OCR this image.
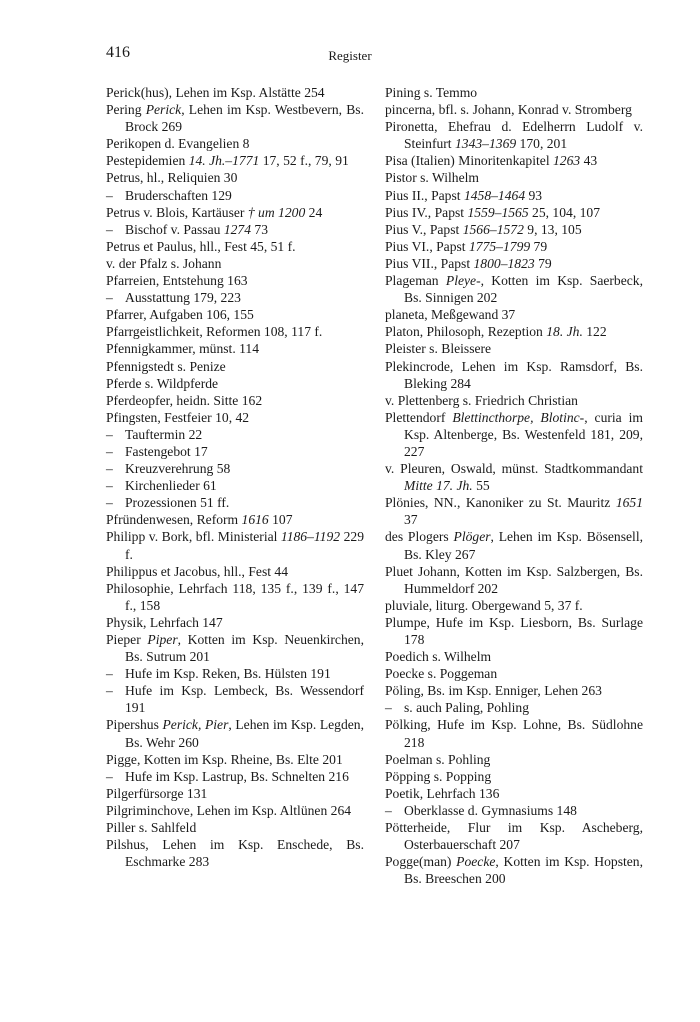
416	Register
Perick(hus), Lehen im Ksp. Alstätte 254
Pering Perick, Lehen im Ksp. Westbevern, Bs. Brock 269
Perikopen d. Evangelien 8
Pestepidemien 14. Jh.–1771 17, 52 f., 79, 91
Petrus, hl., Reliquien 30
– Bruderschaften 129
Petrus v. Blois, Kartäuser † um 1200 24
– Bischof v. Passau 1274 73
Petrus et Paulus, hll., Fest 45, 51 f.
v. der Pfalz s. Johann
Pfarreien, Entstehung 163
– Ausstattung 179, 223
Pfarrer, Aufgaben 106, 155
Pfarrgeistlichkeit, Reformen 108, 117 f.
Pfennigkammer, münst. 114
Pfennigstedt s. Penize
Pferde s. Wildpferde
Pferdeopfer, heidn. Sitte 162
Pfingsten, Festfeier 10, 42
– Tauftermin 22
– Fastengebot 17
– Kreuzverehrung 58
– Kirchenlieder 61
– Prozessionen 51 ff.
Pfründenwesen, Reform 1616 107
Philipp v. Bork, bfl. Ministerial 1186–1192 229 f.
Philippus et Jacobus, hll., Fest 44
Philosophie, Lehrfach 118, 135 f., 139 f., 147 f., 158
Physik, Lehrfach 147
Pieper Piper, Kotten im Ksp. Neuenkirchen, Bs. Sutrum 201
– Hufe im Ksp. Reken, Bs. Hülsten 191
– Hufe im Ksp. Lembeck, Bs. Wessendorf 191
Pipershus Perick, Pier, Lehen im Ksp. Legden, Bs. Wehr 260
Pigge, Kotten im Ksp. Rheine, Bs. Elte 201
– Hufe im Ksp. Lastrup, Bs. Schnelten 216
Pilgerfürsorge 131
Pilgriminchove, Lehen im Ksp. Altlünen 264
Piller s. Sahlfeld
Pilshus, Lehen im Ksp. Enschede, Bs. Eschmarke 283
Pining s. Temmo
pincerna, bfl. s. Johann, Konrad v. Stromberg
Pironetta, Ehefrau d. Edelherrn Ludolf v. Steinfurt 1343–1369 170, 201
Pisa (Italien) Minoritenkapitel 1263 43
Pistor s. Wilhelm
Pius II., Papst 1458–1464 93
Pius IV., Papst 1559–1565 25, 104, 107
Pius V., Papst 1566–1572 9, 13, 105
Pius VI., Papst 1775–1799 79
Pius VII., Papst 1800–1823 79
Plageman Pleye-, Kotten im Ksp. Saerbeck, Bs. Sinnigen 202
planeta, Meßgewand 37
Platon, Philosoph, Rezeption 18. Jh. 122
Pleister s. Bleissere
Plekincrode, Lehen im Ksp. Ramsdorf, Bs. Bleking 284
v. Plettenberg s. Friedrich Christian
Plettendorf Blettincthorpe, Blotinc-, curia im Ksp. Altenberge, Bs. Westenfeld 181, 209, 227
v. Pleuren, Oswald, münst. Stadtkommandant Mitte 17. Jh. 55
Plönies, NN., Kanoniker zu St. Mauritz 1651 37
des Plogers Plöger, Lehen im Ksp. Bösensell, Bs. Kley 267
Pluet Johann, Kotten im Ksp. Salzbergen, Bs. Hummeldorf 202
pluviale, liturg. Obergewand 5, 37 f.
Plumpe, Hufe im Ksp. Liesborn, Bs. Surlage 178
Poedich s. Wilhelm
Poecke s. Poggeman
Pöling, Bs. im Ksp. Enniger, Lehen 263
– s. auch Paling, Pohling
Pölking, Hufe im Ksp. Lohne, Bs. Südlohne 218
Poelman s. Pohling
Pöpping s. Popping
Poetik, Lehrfach 136
– Oberklasse d. Gymnasiums 148
Pötterheide, Flur im Ksp. Ascheberg, Osterbauerschaft 207
Pogge(man) Poecke, Kotten im Ksp. Hopsten, Bs. Breeschen 200
